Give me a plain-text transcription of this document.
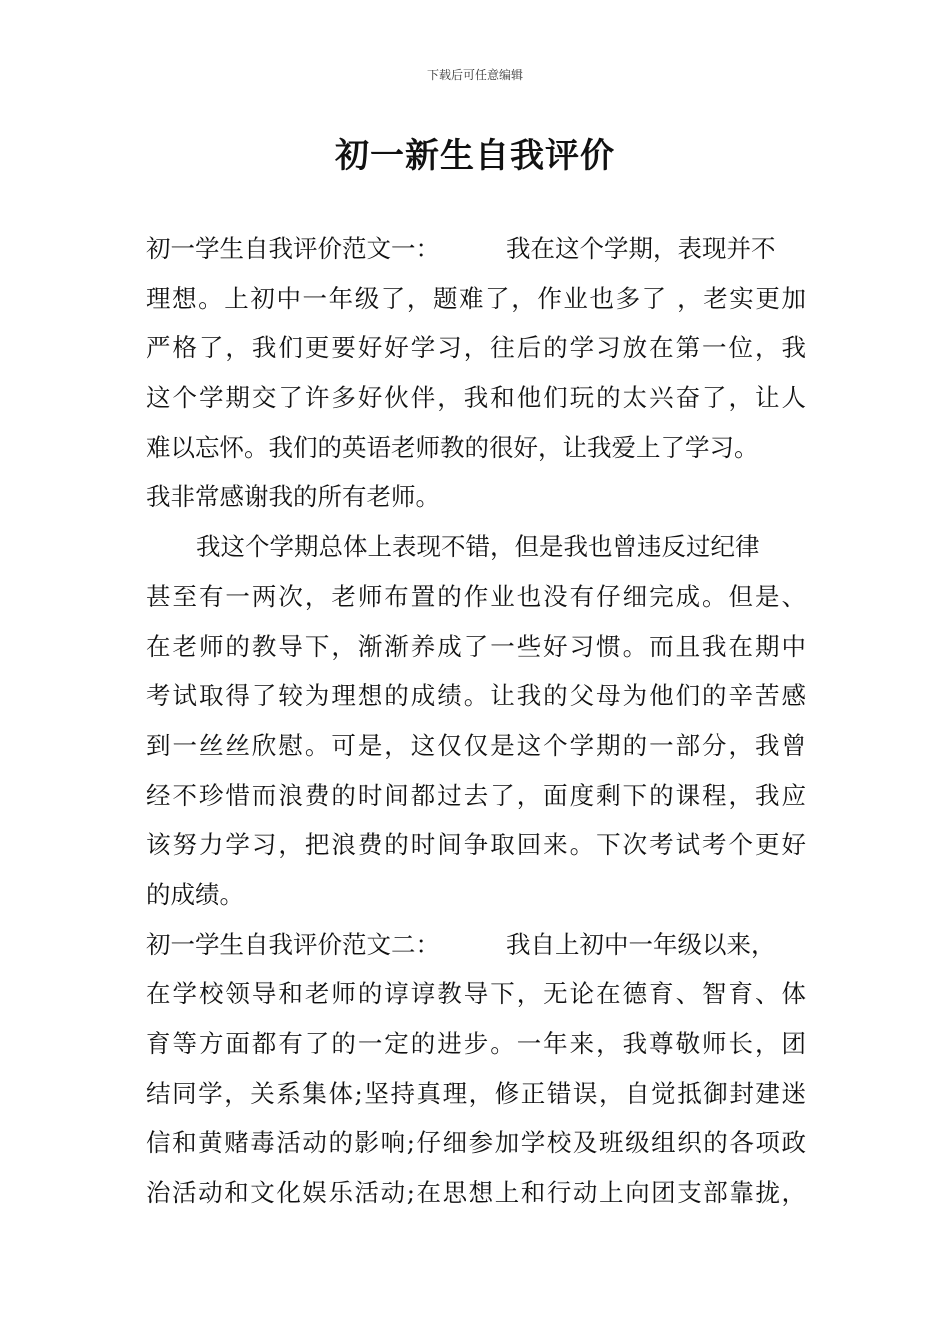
下载后可任意编辑
初一新生自我评价
初一学生自我评价范文一：	我在这个学期，表现并不
理想。上初中一年级了，题难了，作业也多了 ，老实更加
严格了，我们更要好好学习，往后的学习放在第一位，我
这个学期交了许多好伙伴，我和他们玩的太兴奋了，让人
难以忘怀。我们的英语老师教的很好，让我爱上了学习。
我非常感谢我的所有老师。
我这个学期总体上表现不错，但是我也曾违反过纪律
甚至有一两次，老师布置的作业也没有仔细完成。但是、
在老师的教导下，渐渐养成了一些好习惯。而且我在期中
考试取得了较为理想的成绩。让我的父母为他们的辛苦感
到一丝丝欣慰。可是，这仅仅是这个学期的一部分，我曾
经不珍惜而浪费的时间都过去了，面度剩下的课程，我应
该努力学习，把浪费的时间争取回来。下次考试考个更好
的成绩。
初一学生自我评价范文二：	我自上初中一年级以来，
在学校领导和老师的谆谆教导下，无论在德育、智育、体
育等方面都有了的一定的进步。一年来，我尊敬师长，团
结同学，关系集体;坚持真理，修正错误，自觉抵御封建迷
信和黄赌毒活动的影响;仔细参加学校及班级组织的各项政
治活动和文化娱乐活动;在思想上和行动上向团支部靠拢，
